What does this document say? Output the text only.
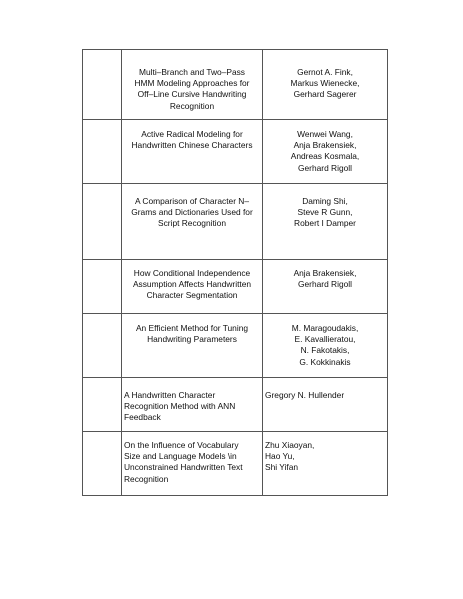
	Multi–Branch and Two–Pass
HMM Modeling Approaches for
Off–Line Cursive Handwriting
Recognition	Gernot A. Fink,
Markus Wienecke,
Gerhard Sagerer

	Active Radical Modeling for
Handwritten Chinese Characters	Wenwei Wang,
Anja Brakensiek,
Andreas Kosmala,
Gerhard Rigoll

	A Comparison of Character N–
Grams and Dictionaries Used for
Script Recognition	Daming Shi,
Steve R Gunn,
Robert I Damper

	How Conditional Independence
Assumption Affects Handwritten
Character Segmentation	Anja Brakensiek,
Gerhard Rigoll

	An Efficient Method for Tuning
Handwriting Parameters	M. Maragoudakis,
E. Kavallieratou,
N. Fakotakis,
G. Kokkinakis

	A Handwritten Character
Recognition Method with ANN
Feedback	Gregory N. Hullender

	On the Influence of Vocabulary
Size and Language Models \in
Unconstrained Handwritten Text
Recognition	Zhu Xiaoyan,
Hao Yu,
Shi Yifan
